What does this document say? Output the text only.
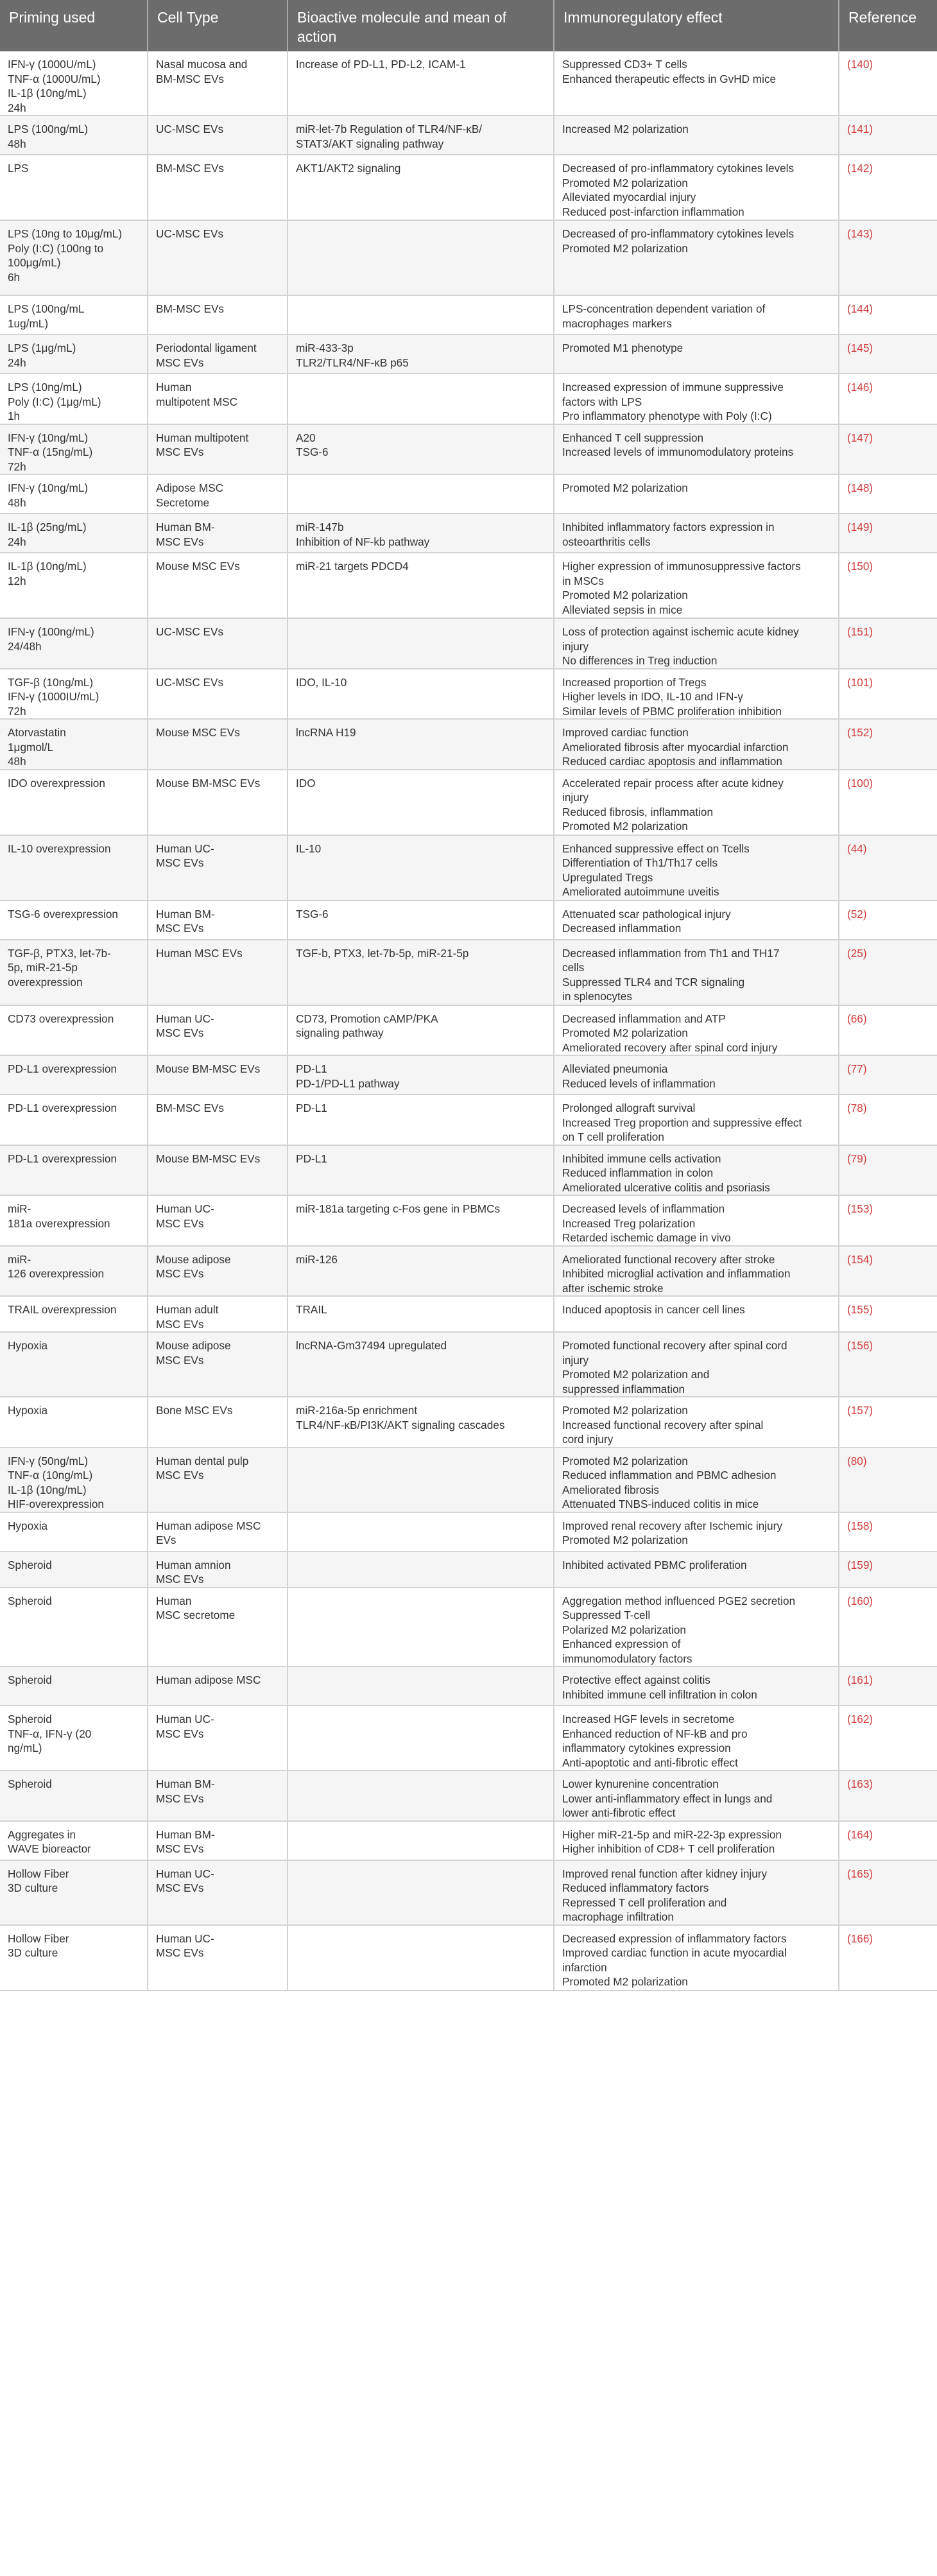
Priming used	Cell Type	Bioactive molecule and mean of action	Immunoregulatory effect	Reference

IFN-γ (1000U/mL)
TNF-α (1000U/mL)
IL-1β (10ng/mL)
24h	Nasal mucosa and
BM-MSC EVs	Increase of PD-L1, PD-L2, ICAM-1	Suppressed CD3+ T cells
Enhanced therapeutic effects in GvHD mice	(140)

LPS (100ng/mL)
48h	UC-MSC EVs	miR-let-7b Regulation of TLR4/NF-κB/
STAT3/AKT signaling pathway	Increased M2 polarization	(141)

LPS	BM-MSC EVs	AKT1/AKT2 signaling	Decreased of pro-inflammatory cytokines levels
Promoted M2 polarization
Alleviated myocardial injury
Reduced post-infarction inflammation	(142)

LPS (10ng to 10μg/mL)
Poly (I:C) (100ng to
100μg/mL)
6h	UC-MSC EVs		Decreased of pro-inflammatory cytokines levels
Promoted M2 polarization	(143)

LPS (100ng/mL
1ug/mL)	BM-MSC EVs		LPS-concentration dependent variation of
macrophages markers	(144)

LPS (1μg/mL)
24h	Periodontal ligament
MSC EVs	miR-433-3p
TLR2/TLR4/NF-κB p65	Promoted M1 phenotype	(145)

LPS (10ng/mL)
Poly (I:C) (1μg/mL)
1h	Human
multipotent MSC		Increased expression of immune suppressive
factors with LPS
Pro inflammatory phenotype with Poly (I:C)	(146)

IFN-γ (10ng/mL)
TNF-α (15ng/mL)
72h	Human multipotent
MSC EVs	A20
TSG-6	Enhanced T cell suppression
Increased levels of immunomodulatory proteins	(147)

IFN-γ (10ng/mL)
48h	Adipose MSC
Secretome		Promoted M2 polarization	(148)

IL-1β (25ng/mL)
24h	Human BM-
MSC EVs	miR-147b
Inhibition of NF-kb pathway	Inhibited inflammatory factors expression in
osteoarthritis cells	(149)

IL-1β (10ng/mL)
12h	Mouse MSC EVs	miR-21 targets PDCD4	Higher expression of immunosuppressive factors
in MSCs
Promoted M2 polarization
Alleviated sepsis in mice	(150)

IFN-γ (100ng/mL)
24/48h	UC-MSC EVs		Loss of protection against ischemic acute kidney
injury
No differences in Treg induction	(151)

TGF-β (10ng/mL)
IFN-γ (1000IU/mL)
72h	UC-MSC EVs	IDO, IL-10	Increased proportion of Tregs
Higher levels in IDO, IL-10 and IFN-γ
Similar levels of PBMC proliferation inhibition	(101)

Atorvastatin
1μgmol/L
48h	Mouse MSC EVs	lncRNA H19	Improved cardiac function
Ameliorated fibrosis after myocardial infarction
Reduced cardiac apoptosis and inflammation	(152)

IDO overexpression	Mouse BM-MSC EVs	IDO	Accelerated repair process after acute kidney
injury
Reduced fibrosis, inflammation
Promoted M2 polarization	(100)

IL-10 overexpression	Human UC-
MSC EVs	IL-10	Enhanced suppressive effect on Tcells
Differentiation of Th1/Th17 cells
Upregulated Tregs
Ameliorated autoimmune uveitis	(44)

TSG-6 overexpression	Human BM-
MSC EVs	TSG-6	Attenuated scar pathological injury
Decreased inflammation	(52)

TGF-β, PTX3, let-7b-
5p, miR-21-5p
overexpression	Human MSC EVs	TGF-b, PTX3, let-7b-5p, miR-21-5p	Decreased inflammation from Th1 and TH17
cells
Suppressed TLR4 and TCR signaling
in splenocytes	(25)

CD73 overexpression	Human UC-
MSC EVs	CD73, Promotion cAMP/PKA
signaling pathway	Decreased inflammation and ATP
Promoted M2 polarization
Ameliorated recovery after spinal cord injury	(66)

PD-L1 overexpression	Mouse BM-MSC EVs	PD-L1
PD-1/PD-L1 pathway	Alleviated pneumonia
Reduced levels of inflammation	(77)

PD-L1 overexpression	BM-MSC EVs	PD-L1	Prolonged allograft survival
Increased Treg proportion and suppressive effect
on T cell proliferation	(78)

PD-L1 overexpression	Mouse BM-MSC EVs	PD-L1	Inhibited immune cells activation
Reduced inflammation in colon
Ameliorated ulcerative colitis and psoriasis	(79)

miR-
181a overexpression	Human UC-
MSC EVs	miR-181a targeting c-Fos gene in PBMCs	Decreased levels of inflammation
Increased Treg polarization
Retarded ischemic damage in vivo	(153)

miR-
126 overexpression	Mouse adipose
MSC EVs	miR-126	Ameliorated functional recovery after stroke
Inhibited microglial activation and inflammation
after ischemic stroke	(154)

TRAIL overexpression	Human adult
MSC EVs	TRAIL	Induced apoptosis in cancer cell lines	(155)

Hypoxia	Mouse adipose
MSC EVs	lncRNA-Gm37494 upregulated	Promoted functional recovery after spinal cord
injury
Promoted M2 polarization and
suppressed inflammation	(156)

Hypoxia	Bone MSC EVs	miR-216a-5p enrichment
TLR4/NF-κB/PI3K/AKT signaling cascades	Promoted M2 polarization
Increased functional recovery after spinal
cord injury	(157)

IFN-γ (50ng/mL)
TNF-α (10ng/mL)
IL-1β (10ng/mL)
HIF-overexpression	Human dental pulp
MSC EVs		Promoted M2 polarization
Reduced inflammation and PBMC adhesion
Ameliorated fibrosis
Attenuated TNBS-induced colitis in mice	(80)

Hypoxia	Human adipose MSC
EVs		Improved renal recovery after Ischemic injury
Promoted M2 polarization	(158)

Spheroid	Human amnion
MSC EVs		Inhibited activated PBMC proliferation	(159)

Spheroid	Human
MSC secretome		Aggregation method influenced PGE2 secretion
Suppressed T-cell
Polarized M2 polarization
Enhanced expression of
immunomodulatory factors	(160)

Spheroid	Human adipose MSC		Protective effect against colitis
Inhibited immune cell infiltration in colon	(161)

Spheroid
TNF-α, IFN-γ (20
ng/mL)	Human UC-
MSC EVs		Increased HGF levels in secretome
Enhanced reduction of NF-kB and pro
inflammatory cytokines expression
Anti-apoptotic and anti-fibrotic effect	(162)

Spheroid	Human BM-
MSC EVs		Lower kynurenine concentration
Lower anti-inflammatory effect in lungs and
lower anti-fibrotic effect	(163)

Aggregates in
WAVE bioreactor	Human BM-
MSC EVs		Higher miR-21-5p and miR-22-3p expression
Higher inhibition of CD8+ T cell proliferation	(164)

Hollow Fiber
3D culture	Human UC-
MSC EVs		Improved renal function after kidney injury
Reduced inflammatory factors
Repressed T cell proliferation and
macrophage infiltration	(165)

Hollow Fiber
3D culture	Human UC-
MSC EVs		Decreased expression of inflammatory factors
Improved cardiac function in acute myocardial
infarction
Promoted M2 polarization	(166)
